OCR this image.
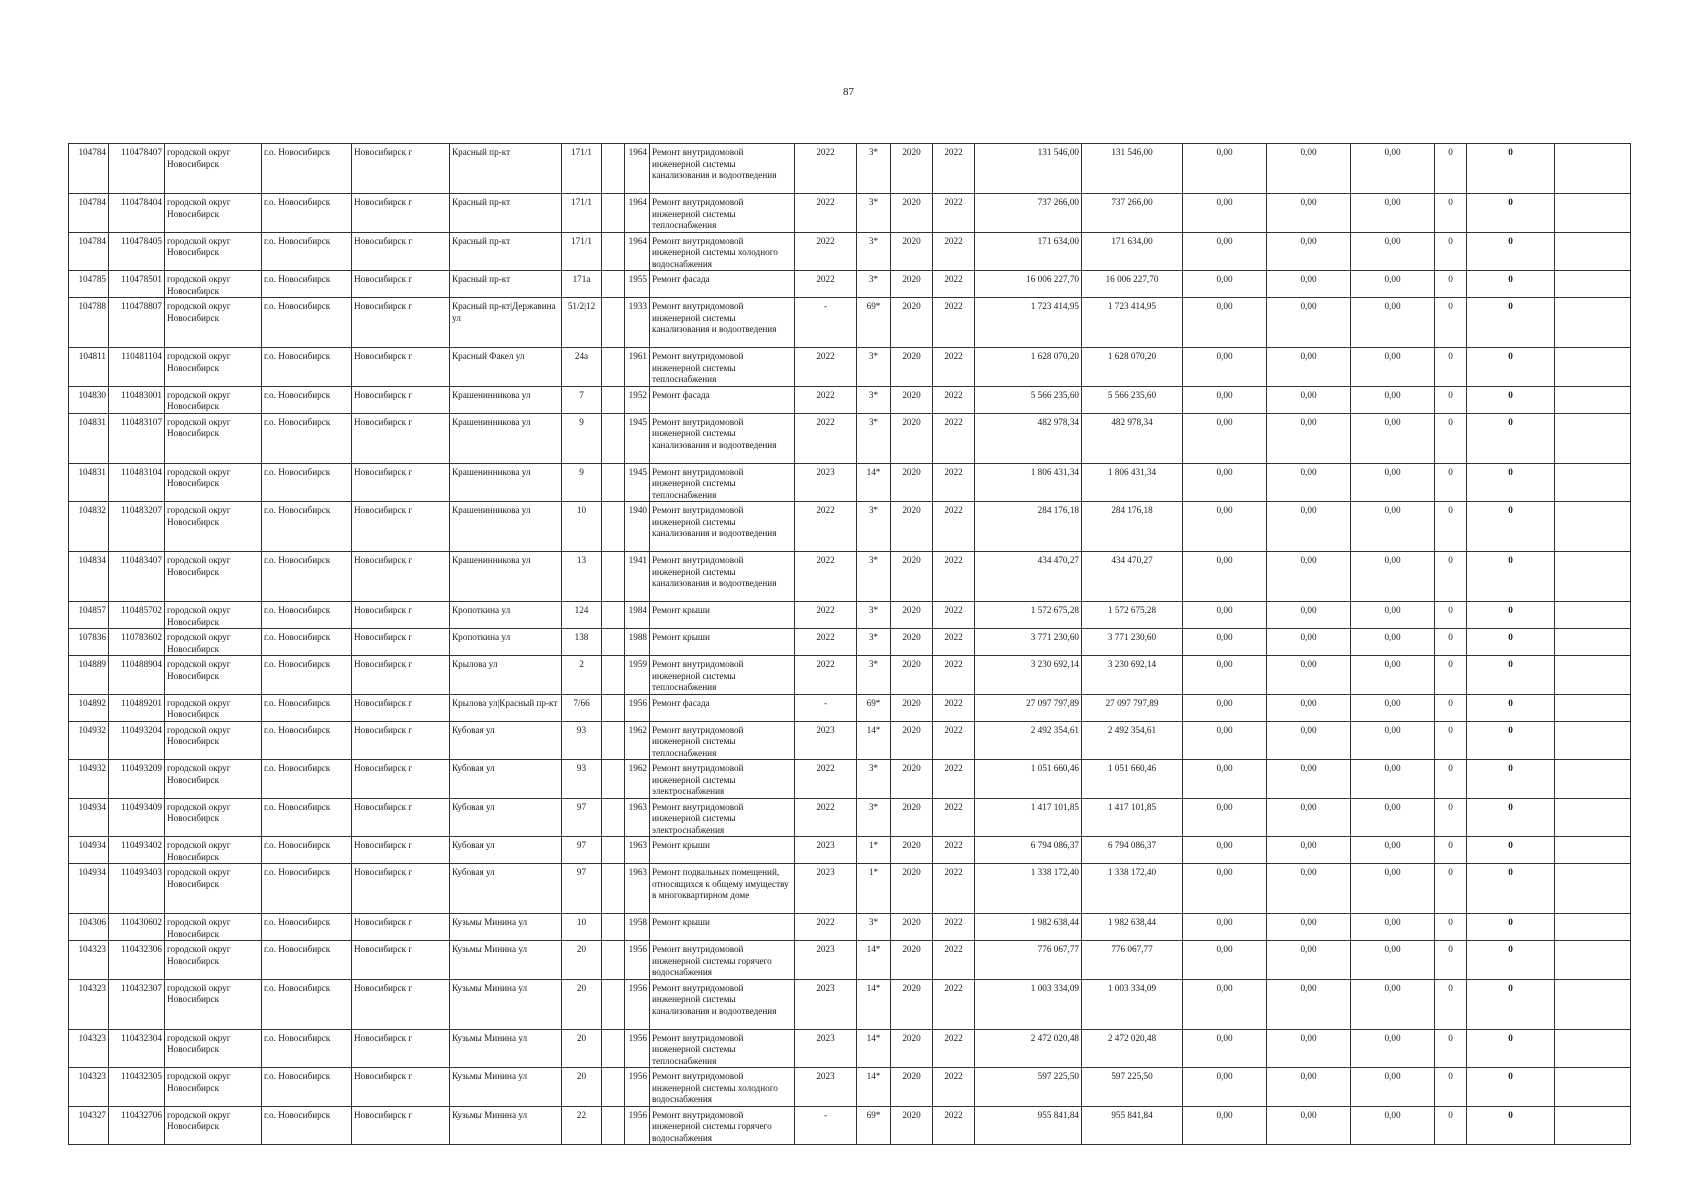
87
104784	110478407	городской округ Новосибирск	г.о. Новосибирск	Новосибирск г	Красный пр-кт	171/1		1964	Ремонт внутридомовой инженерной системы канализования и водоотведения	2022	3*	2020	2022	131 546,00	131 546,00	0,00	0,00	0,00	0	0	
104784	110478404	городской округ Новосибирск	г.о. Новосибирск	Новосибирск г	Красный пр-кт	171/1		1964	Ремонт внутридомовой инженерной системы теплоснабжения	2022	3*	2020	2022	737 266,00	737 266,00	0,00	0,00	0,00	0	0	
104784	110478405	городской округ Новосибирск	г.о. Новосибирск	Новосибирск г	Красный пр-кт	171/1		1964	Ремонт внутридомовой инженерной системы холодного водоснабжения	2022	3*	2020	2022	171 634,00	171 634,00	0,00	0,00	0,00	0	0	
104785	110478501	городской округ Новосибирск	г.о. Новосибирск	Новосибирск г	Красный пр-кт	171а		1955	Ремонт фасада	2022	3*	2020	2022	16 006 227,70	16 006 227,70	0,00	0,00	0,00	0	0	
104788	110478807	городской округ Новосибирск	г.о. Новосибирск	Новосибирск г	Красный пр-кт|Державина ул	51/2|12		1933	Ремонт внутридомовой инженерной системы канализования и водоотведения	-	69*	2020	2022	1 723 414,95	1 723 414,95	0,00	0,00	0,00	0	0	
104811	110481104	городской округ Новосибирск	г.о. Новосибирск	Новосибирск г	Красный Факел ул	24а		1961	Ремонт внутридомовой инженерной системы теплоснабжения	2022	3*	2020	2022	1 628 070,20	1 628 070,20	0,00	0,00	0,00	0	0	
104830	110483001	городской округ Новосибирск	г.о. Новосибирск	Новосибирск г	Крашенинникова ул	7		1952	Ремонт фасада	2022	3*	2020	2022	5 566 235,60	5 566 235,60	0,00	0,00	0,00	0	0	
104831	110483107	городской округ Новосибирск	г.о. Новосибирск	Новосибирск г	Крашенинникова ул	9		1945	Ремонт внутридомовой инженерной системы канализования и водоотведения	2022	3*	2020	2022	482 978,34	482 978,34	0,00	0,00	0,00	0	0	
104831	110483104	городской округ Новосибирск	г.о. Новосибирск	Новосибирск г	Крашенинникова ул	9		1945	Ремонт внутридомовой инженерной системы теплоснабжения	2023	14*	2020	2022	1 806 431,34	1 806 431,34	0,00	0,00	0,00	0	0	
104832	110483207	городской округ Новосибирск	г.о. Новосибирск	Новосибирск г	Крашенинникова ул	10		1940	Ремонт внутридомовой инженерной системы канализования и водоотведения	2022	3*	2020	2022	284 176,18	284 176,18	0,00	0,00	0,00	0	0	
104834	110483407	городской округ Новосибирск	г.о. Новосибирск	Новосибирск г	Крашенинникова ул	13		1941	Ремонт внутридомовой инженерной системы канализования и водоотведения	2022	3*	2020	2022	434 470,27	434 470,27	0,00	0,00	0,00	0	0	
104857	110485702	городской округ Новосибирск	г.о. Новосибирск	Новосибирск г	Кропоткина ул	124		1984	Ремонт крыши	2022	3*	2020	2022	1 572 675,28	1 572 675,28	0,00	0,00	0,00	0	0	
107836	110783602	городской округ Новосибирск	г.о. Новосибирск	Новосибирск г	Кропоткина ул	138		1988	Ремонт крыши	2022	3*	2020	2022	3 771 230,60	3 771 230,60	0,00	0,00	0,00	0	0	
104889	110488904	городской округ Новосибирск	г.о. Новосибирск	Новосибирск г	Крылова ул	2		1959	Ремонт внутридомовой инженерной системы теплоснабжения	2022	3*	2020	2022	3 230 692,14	3 230 692,14	0,00	0,00	0,00	0	0	
104892	110489201	городской округ Новосибирск	г.о. Новосибирск	Новосибирск г	Крылова ул|Красный пр-кт	7/66		1956	Ремонт фасада	-	69*	2020	2022	27 097 797,89	27 097 797,89	0,00	0,00	0,00	0	0	
104932	110493204	городской округ Новосибирск	г.о. Новосибирск	Новосибирск г	Кубовая ул	93		1962	Ремонт внутридомовой инженерной системы теплоснабжения	2023	14*	2020	2022	2 492 354,61	2 492 354,61	0,00	0,00	0,00	0	0	
104932	110493209	городской округ Новосибирск	г.о. Новосибирск	Новосибирск г	Кубовая ул	93		1962	Ремонт внутридомовой инженерной системы электроснабжения	2022	3*	2020	2022	1 051 660,46	1 051 660,46	0,00	0,00	0,00	0	0	
104934	110493409	городской округ Новосибирск	г.о. Новосибирск	Новосибирск г	Кубовая ул	97		1963	Ремонт внутридомовой инженерной системы электроснабжения	2022	3*	2020	2022	1 417 101,85	1 417 101,85	0,00	0,00	0,00	0	0	
104934	110493402	городской округ Новосибирск	г.о. Новосибирск	Новосибирск г	Кубовая ул	97		1963	Ремонт крыши	2023	1*	2020	2022	6 794 086,37	6 794 086,37	0,00	0,00	0,00	0	0	
104934	110493403	городской округ Новосибирск	г.о. Новосибирск	Новосибирск г	Кубовая ул	97		1963	Ремонт подвальных помещений, относящихся к общему имуществу в многоквартирном доме	2023	1*	2020	2022	1 338 172,40	1 338 172,40	0,00	0,00	0,00	0	0	
104306	110430602	городской округ Новосибирск	г.о. Новосибирск	Новосибирск г	Кузьмы Минина ул	10		1958	Ремонт крыши	2022	3*	2020	2022	1 982 638,44	1 982 638,44	0,00	0,00	0,00	0	0	
104323	110432306	городской округ Новосибирск	г.о. Новосибирск	Новосибирск г	Кузьмы Минина ул	20		1956	Ремонт внутридомовой инженерной системы горячего водоснабжения	2023	14*	2020	2022	776 067,77	776 067,77	0,00	0,00	0,00	0	0	
104323	110432307	городской округ Новосибирск	г.о. Новосибирск	Новосибирск г	Кузьмы Минина ул	20		1956	Ремонт внутридомовой инженерной системы канализования и водоотведения	2023	14*	2020	2022	1 003 334,09	1 003 334,09	0,00	0,00	0,00	0	0	
104323	110432304	городской округ Новосибирск	г.о. Новосибирск	Новосибирск г	Кузьмы Минина ул	20		1956	Ремонт внутридомовой инженерной системы теплоснабжения	2023	14*	2020	2022	2 472 020,48	2 472 020,48	0,00	0,00	0,00	0	0	
104323	110432305	городской округ Новосибирск	г.о. Новосибирск	Новосибирск г	Кузьмы Минина ул	20		1956	Ремонт внутридомовой инженерной системы холодного водоснабжения	2023	14*	2020	2022	597 225,50	597 225,50	0,00	0,00	0,00	0	0	
104327	110432706	городской округ Новосибирск	г.о. Новосибирск	Новосибирск г	Кузьмы Минина ул	22		1956	Ремонт внутридомовой инженерной системы горячего водоснабжения	-	69*	2020	2022	955 841,84	955 841,84	0,00	0,00	0,00	0	0	
